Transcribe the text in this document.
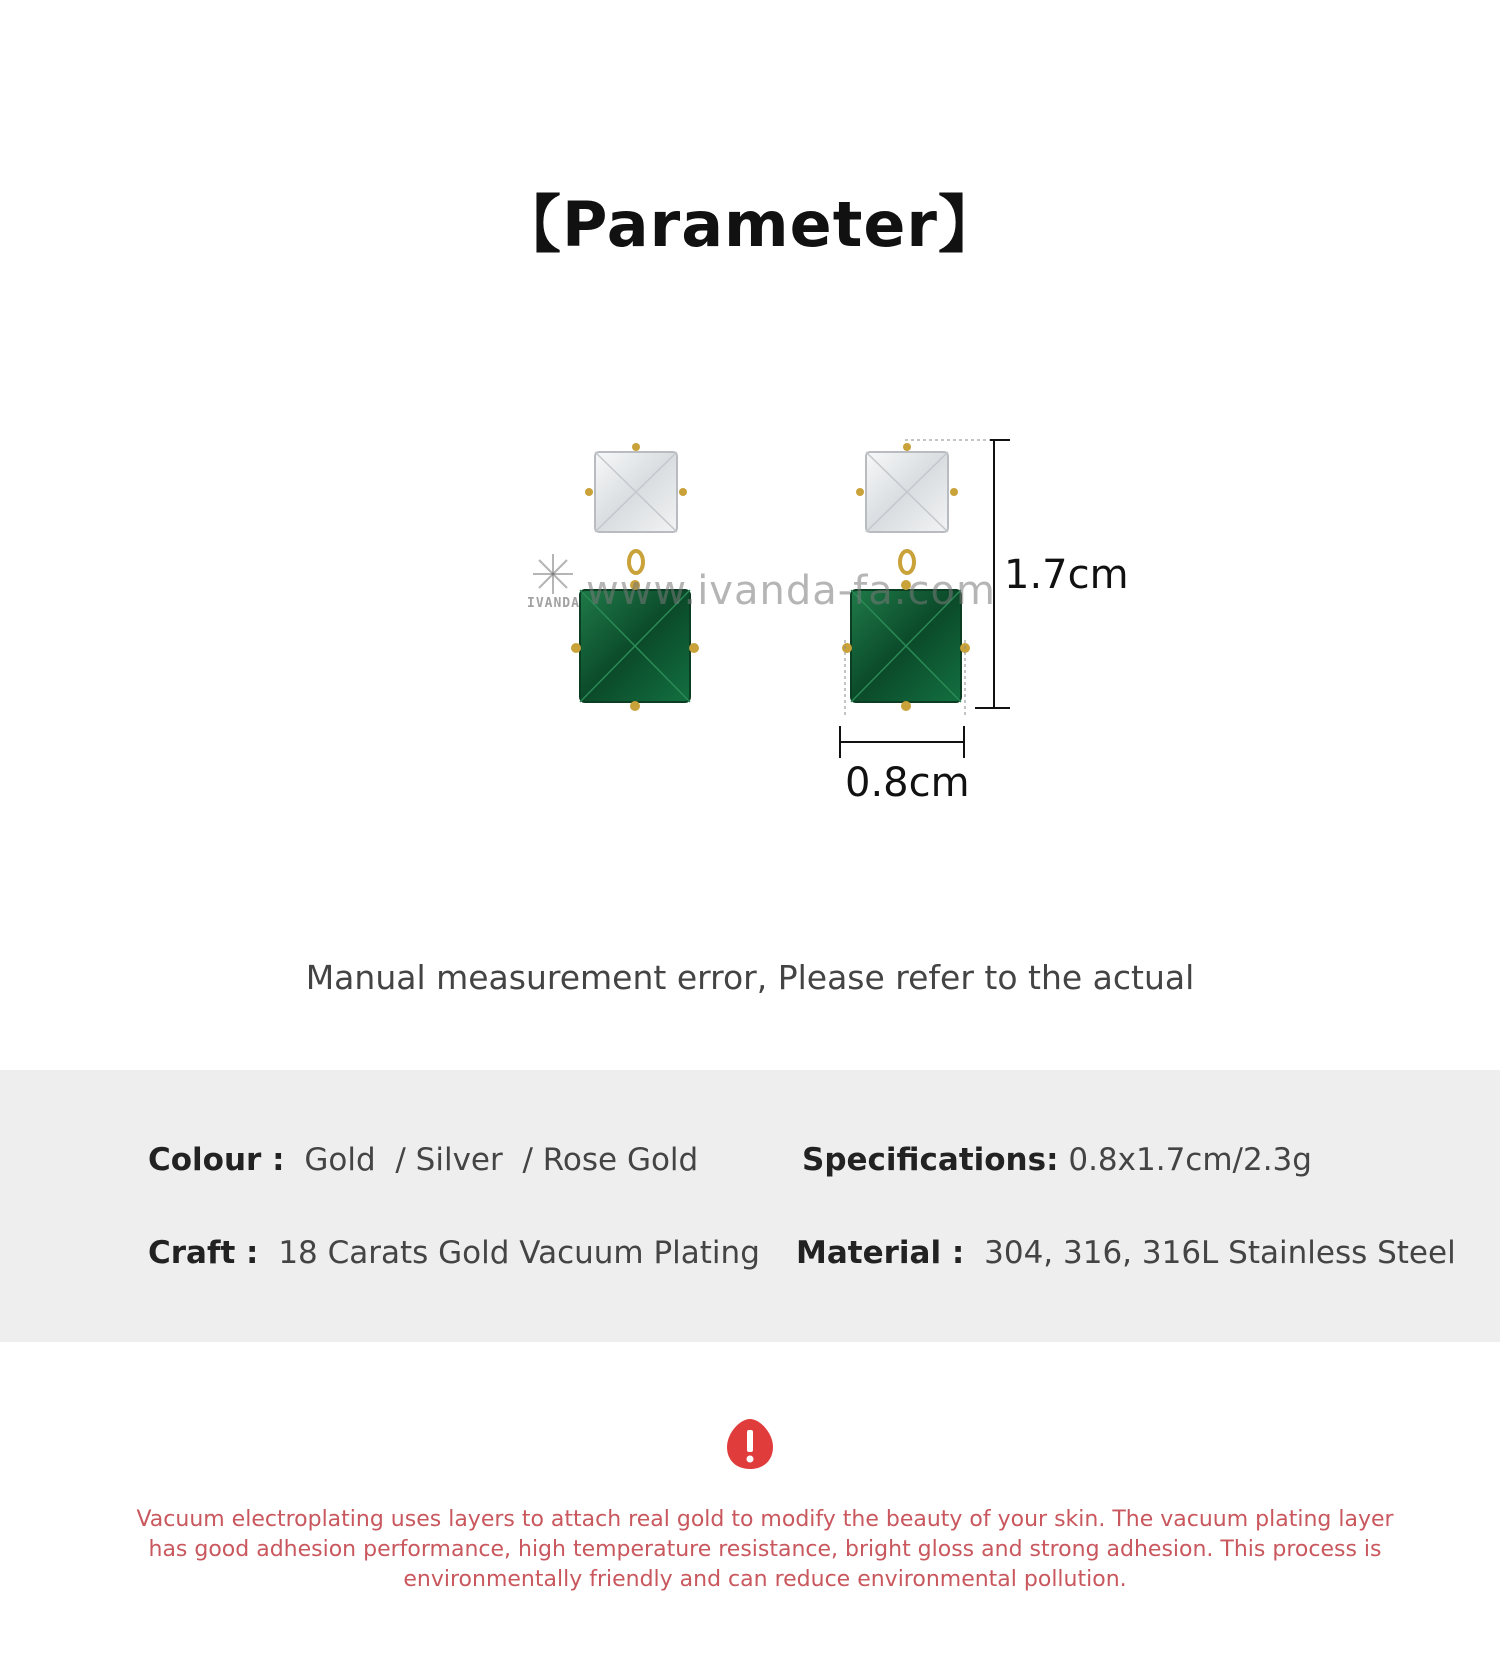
【Parameter】
www.ivanda-fa.com
IVANDA
1.7cm
0.8cm
Manual measurement error, Please refer to the actual
Colour : Gold  / Silver  / Rose Gold	Specifications: 0.8x1.7cm/2.3g
Craft : 18 Carats Gold Vacuum Plating Material : 304, 316, 316L Stainless Steel
Vacuum electroplating uses layers to attach real gold to modify the beauty of your skin. The vacuum plating layer has good adhesion performance, high temperature resistance, bright gloss and strong adhesion. This process is environmentally friendly and can reduce environmental pollution.
